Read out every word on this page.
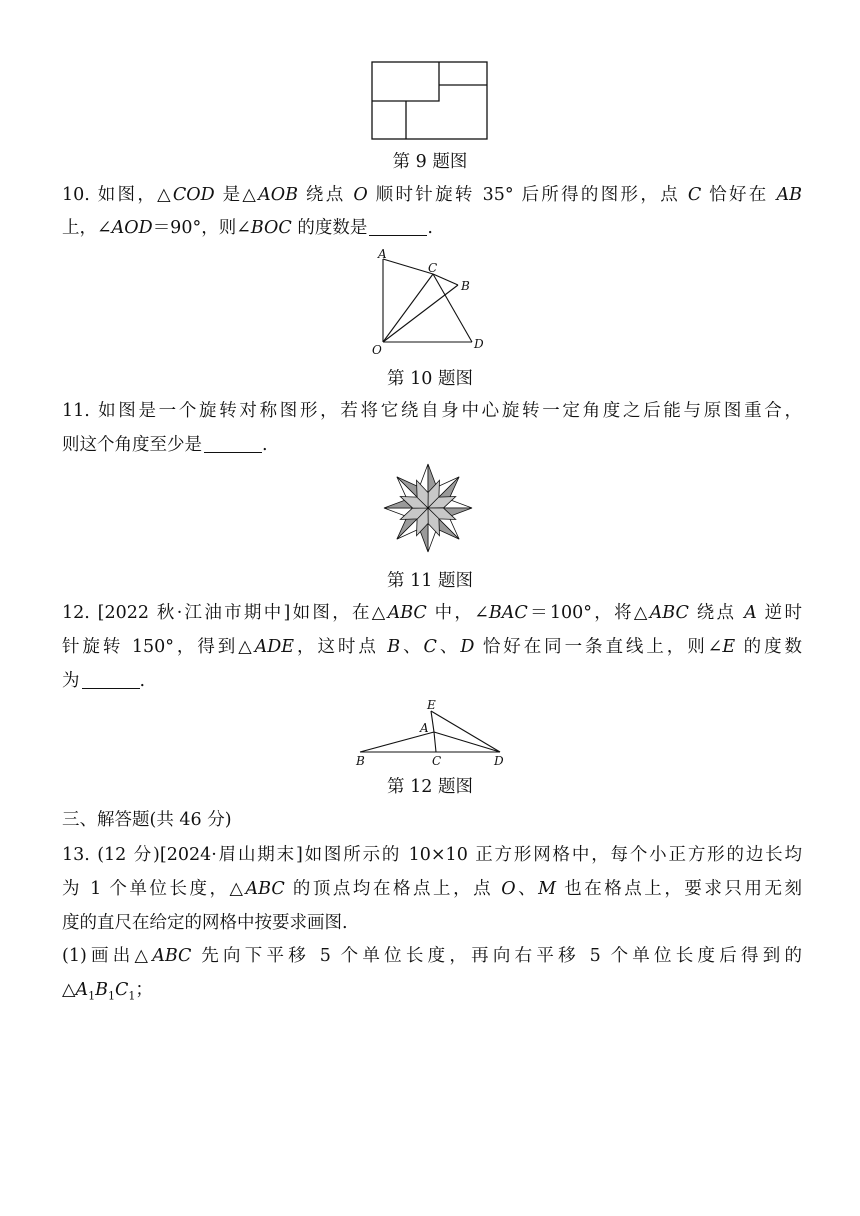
第 9 题图
10. 如图，△COD 是△AOB 绕点 O 顺时针旋转 35° 后所得的图形，点 C 恰好在 AB
上，∠AOD＝90°，则∠BOC 的度数是	.
A
C
B
O	D
第 10 题图
11. 如图是一个旋转对称图形，若将它绕自身中心旋转一定角度之后能与原图重合，
则这个角度至少是	.
第 11 题图
12. [2022 秋·江油市期中]如图，在△ABC 中，∠BAC＝100°，将△ABC 绕点 A 逆时
针旋转 150°，得到△ADE，这时点 B、C、D 恰好在同一条直线上，则∠E 的度数
为	.
E
A
B	C	D
第 12 题图
三、解答题(共 46 分)
13. (12 分)[2024·眉山期末]如图所示的 10×10 正方形网格中，每个小正方形的边长均
为 1 个单位长度，△ABC 的顶点均在格点上，点 O、M 也在格点上，要求只用无刻
度的直尺在给定的网格中按要求画图.
(1)画出△ABC 先向下平移 5 个单位长度，再向右平移 5 个单位长度后得到的
$\triangle A_1B_1C_1$；
